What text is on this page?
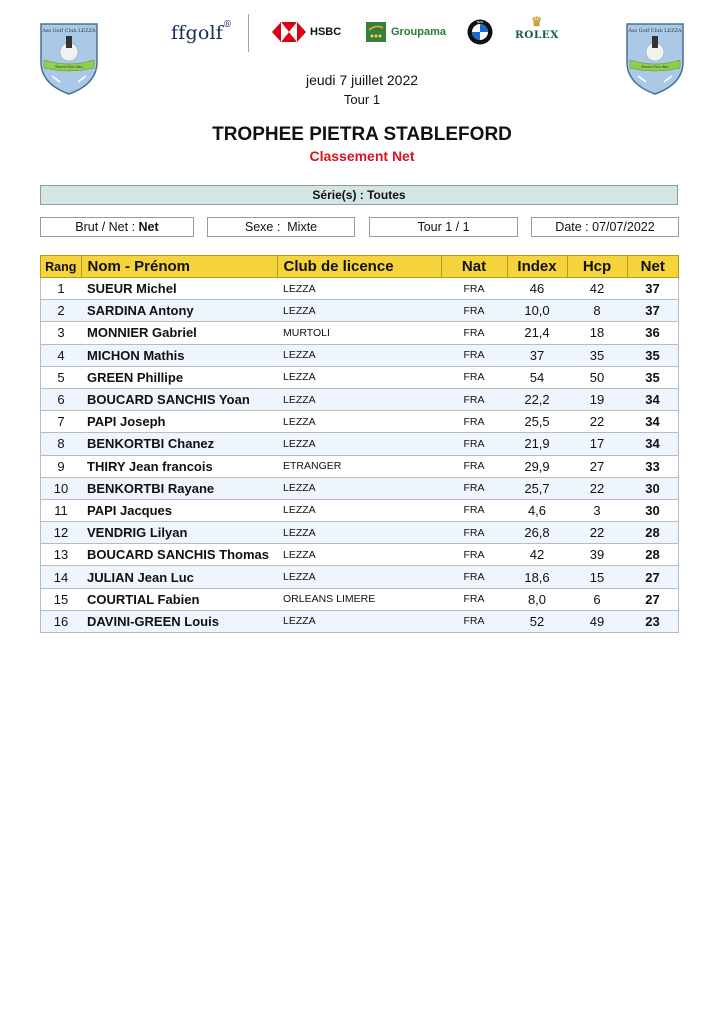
Porto-Vecchio
Ass Golf Club LEZZA	ffgolf®
HSBC	Groupama
BMW	♛
ROLEX
Porto-Vecchio
Ass Golf Club LEZZA
jeudi 7 juillet 2022
Tour 1
TROPHEE PIETRA STABLEFORD
Classement Net
Série(s) : Toutes
Brut / Net : Net	Sexe : Mixte	Tour 1 / 1	Date : 07/07/2022
Rang	Nom - Prénom	Club de licence	Nat	Index	Hcp	Net
1	SUEUR Michel	LEZZA	FRA	46	42	37
2	SARDINA Antony	LEZZA	FRA	10,0	8	37
3	MONNIER Gabriel	MURTOLI	FRA	21,4	18	36
4	MICHON Mathis	LEZZA	FRA	37	35	35
5	GREEN Phillipe	LEZZA	FRA	54	50	35
6	BOUCARD SANCHIS Yoan	LEZZA	FRA	22,2	19	34
7	PAPI Joseph	LEZZA	FRA	25,5	22	34
8	BENKORTBI Chanez	LEZZA	FRA	21,9	17	34
9	THIRY Jean francois	ETRANGER	FRA	29,9	27	33
10	BENKORTBI Rayane	LEZZA	FRA	25,7	22	30
11	PAPI Jacques	LEZZA	FRA	4,6	3	30
12	VENDRIG Lilyan	LEZZA	FRA	26,8	22	28
13	BOUCARD SANCHIS Thomas	LEZZA	FRA	42	39	28
14	JULIAN Jean Luc	LEZZA	FRA	18,6	15	27
15	COURTIAL Fabien	ORLEANS LIMERE	FRA	8,0	6	27
16	DAVINI-GREEN Louis	LEZZA	FRA	52	49	23
